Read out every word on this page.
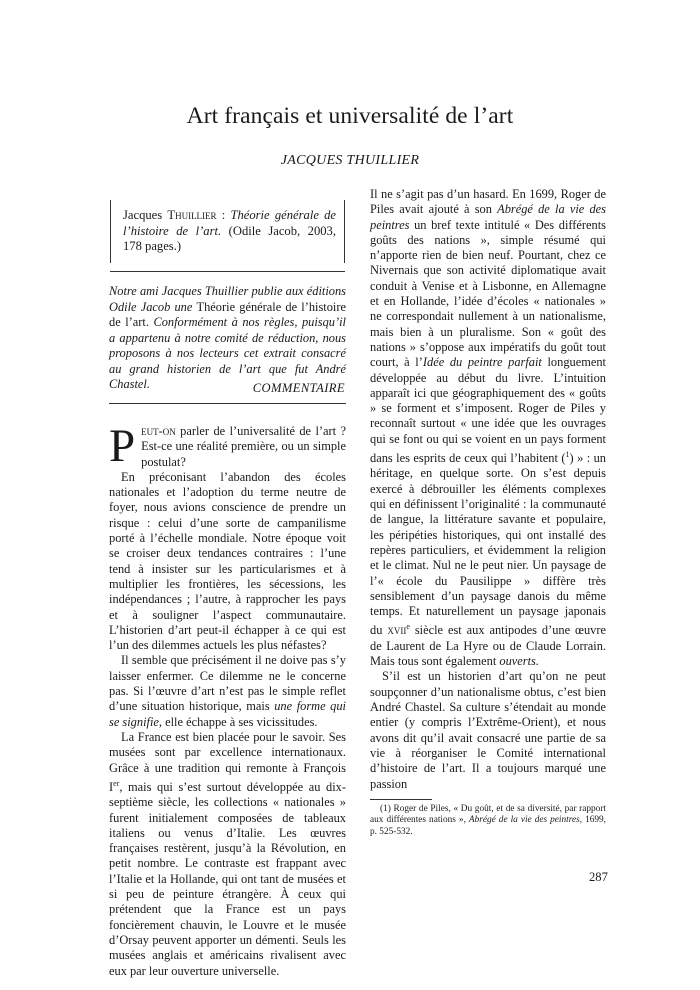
Art français et universalité de l’art
JACQUES THUILLIER
Jacques Thuillier : Théorie générale de l’histoire de l’art. (Odile Jacob, 2003, 178 pages.)
Notre ami Jacques Thuillier publie aux éditions Odile Jacob une Théorie générale de l’histoire de l’art. Conformément à nos règles, puisqu’il a appartenu à notre comité de réduction, nous proposons à nos lecteurs cet extrait consacré au grand historien de l’art que fut André Chastel.	COMMENTAIRE

Peut-on parler de l’universalité de l’art ? Est-ce une réalité première, ou un simple postulat?

En préconisant l’abandon des écoles nationales et l’adoption du terme neutre de foyer, nous avions conscience de prendre un risque : celui d’une sorte de campanilisme porté à l’échelle mondiale. Notre époque voit se croiser deux tendances contraires : l’une tend à insister sur les particularismes et à multiplier les frontières, les sécessions, les indépendances ; l’autre, à rapprocher les pays et à souligner l’aspect communautaire. L’historien d’art peut-il échapper à ce qui est l’un des dilemmes actuels les plus néfastes?

Il semble que précisément il ne doive pas s’y laisser enfermer. Ce dilemme ne le concerne pas. Si l’œuvre d’art n’est pas le simple reflet d’une situation historique, mais une forme qui se signifie, elle échappe à ses vicissitudes.

La France est bien placée pour le savoir. Ses musées sont par excellence internationaux. Grâce à une tradition qui remonte à François Ier, mais qui s’est surtout développée au dix-septième siècle, les collections « nationales » furent initialement composées de tableaux italiens ou venus d’Italie. Les œuvres françaises restèrent, jusqu’à la Révolution, en petit nombre. Le contraste est frappant avec l’Italie et la Hollande, qui ont tant de musées et si peu de peinture étrangère. À ceux qui prétendent que la France est un pays foncièrement chauvin, le Louvre et le musée d’Orsay peuvent apporter un démenti. Seuls les musées anglais et américains rivalisent avec eux par leur ouverture universelle.

Il ne s’agit pas d’un hasard. En 1699, Roger de Piles avait ajouté à son Abrégé de la vie des peintres un bref texte intitulé « Des différents goûts des nations », simple résumé qui n’apporte rien de bien neuf. Pourtant, chez ce Nivernais que son activité diplomatique avait conduit à Venise et à Lisbonne, en Allemagne et en Hollande, l’idée d’écoles « nationales » ne correspondait nullement à un nationalisme, mais bien à un pluralisme. Son « goût des nations » s’oppose aux impératifs du goût tout court, à l’Idée du peintre parfait longuement développée au début du livre. L’intuition apparaît ici que géographiquement des « goûts » se forment et s’imposent. Roger de Piles y reconnaît surtout « une idée que les ouvrages qui se font ou qui se voient en un pays forment dans les esprits de ceux qui l’habitent ($^1$) » : un héritage, en quelque sorte. On s’est depuis exercé à débrouiller les éléments complexes qui en définissent l’originalité : la communauté de langue, la littérature savante et populaire, les péripéties historiques, qui ont installé des repères particuliers, et évidemment la religion et le climat. Nul ne le peut nier. Un paysage de l’« école du Pausilippe » diffère très sensiblement d’un paysage danois du même temps. Et naturellement un paysage japonais du xvii$^e$ siècle est aux antipodes d’une œuvre de Laurent de La Hyre ou de Claude Lorrain. Mais tous sont également ouverts.

S’il est un historien d’art qu’on ne peut soupçonner d’un nationalisme obtus, c’est bien André Chastel. Sa culture s’étendait au monde entier (y compris l’Extrême-Orient), et nous avons dit qu’il avait consacré une partie de sa vie à réorganiser le Comité international d’histoire de l’art. Il a toujours marqué une passion

(1) Roger de Piles, « Du goût, et de sa diversité, par rapport aux différentes nations », Abrégé de la vie des peintres, 1699, p. 525-532.
287
